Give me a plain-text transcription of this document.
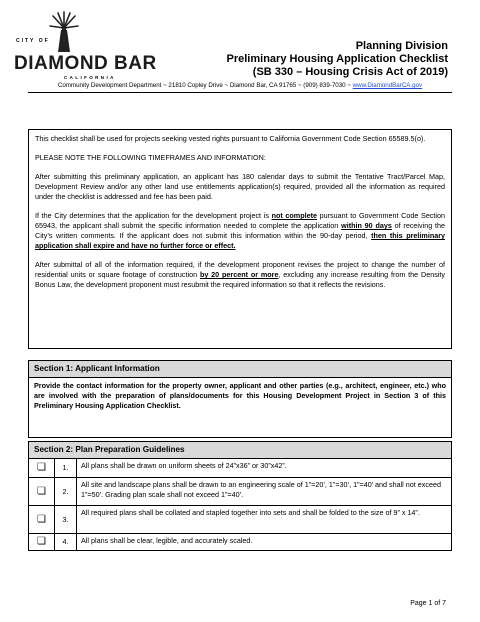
CITY OF
DIAMOND BAR
CALIFORNIA
Planning Division
Preliminary Housing Application Checklist
(SB 330 – Housing Crisis Act of 2019)
Community Development Department ~ 21810 Copley Drive ~ Diamond Bar, CA 91765 ~ (909) 839-7030 ~ www.DiamondBarCA.gov

This checklist shall be used for projects seeking vested rights pursuant to California Government Code Section 65589.5(o).

PLEASE NOTE THE FOLLOWING TIMEFRAMES AND INFORMATION:

After submitting this preliminary application, an applicant has 180 calendar days to submit the Tentative Tract/Parcel Map, Development Review and/or any other land use entitlements application(s) required, provided all the information as required under the checklist is addressed and fee has been paid.

If the City determines that the application for the development project is not complete pursuant to Government Code Section 65943, the applicant shall submit the specific information needed to complete the application within 90 days of receiving the City’s written comments. If the applicant does not submit this information within the 90-day period, then this preliminary application shall expire and have no further force or effect.

After submittal of all of the information required, if the development proponent revises the project to change the number of residential units or square footage of construction by 20 percent or more, excluding any increase resulting from the Density Bonus Law, the development proponent must resubmit the required information so that it reflects the revisions.

Section 1: Applicant Information
Provide the contact information for the property owner, applicant and other parties (e.g., architect, engineer, etc.) who are involved with the preparation of plans/documents for this Housing Development Project in Section 3 of this Preliminary Housing Application Checklist.
Section 2: Plan Preparation Guidelines		
❏	1.	All plans shall be drawn on uniform sheets of 24”x36” or 30”x42”.
❏	2.	All site and landscape plans shall be drawn to an engineering scale of 1”=20’, 1”=30’, 1”=40’ and shall not exceed 1”=50’. Grading plan scale shall not exceed 1”=40’.
❏	3.	All required plans shall be collated and stapled together into sets and shall be folded to the size of 9” x 14”.
❏	4.	All plans shall be clear, legible, and accurately scaled.
Page 1 of 7
